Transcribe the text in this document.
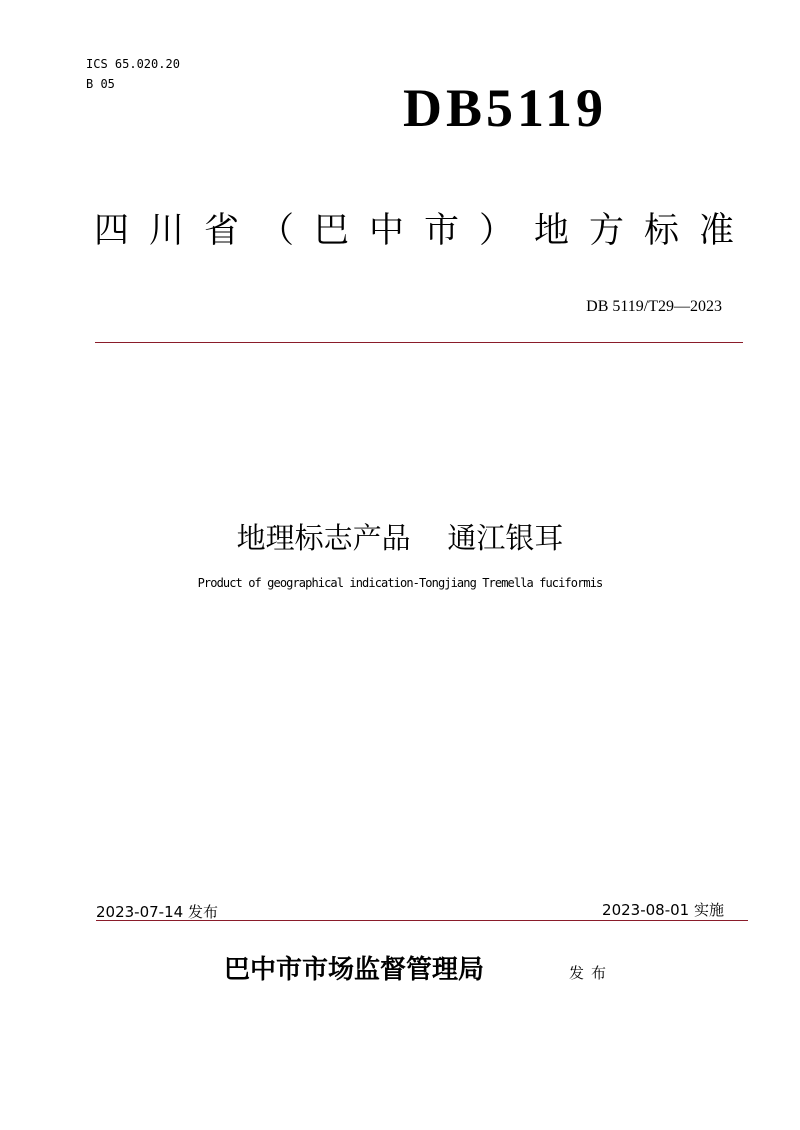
ICS 65.020.20
B 05	DB5119
四川省（巴中市）地方标准
DB 5119/T29—2023
地理标志产品    通江银耳
Product of geographical indication-Tongjiang Tremella fuciformis
2023-07-14 发布	2023-08-01 实施
巴中市市场监督管理局	发布
